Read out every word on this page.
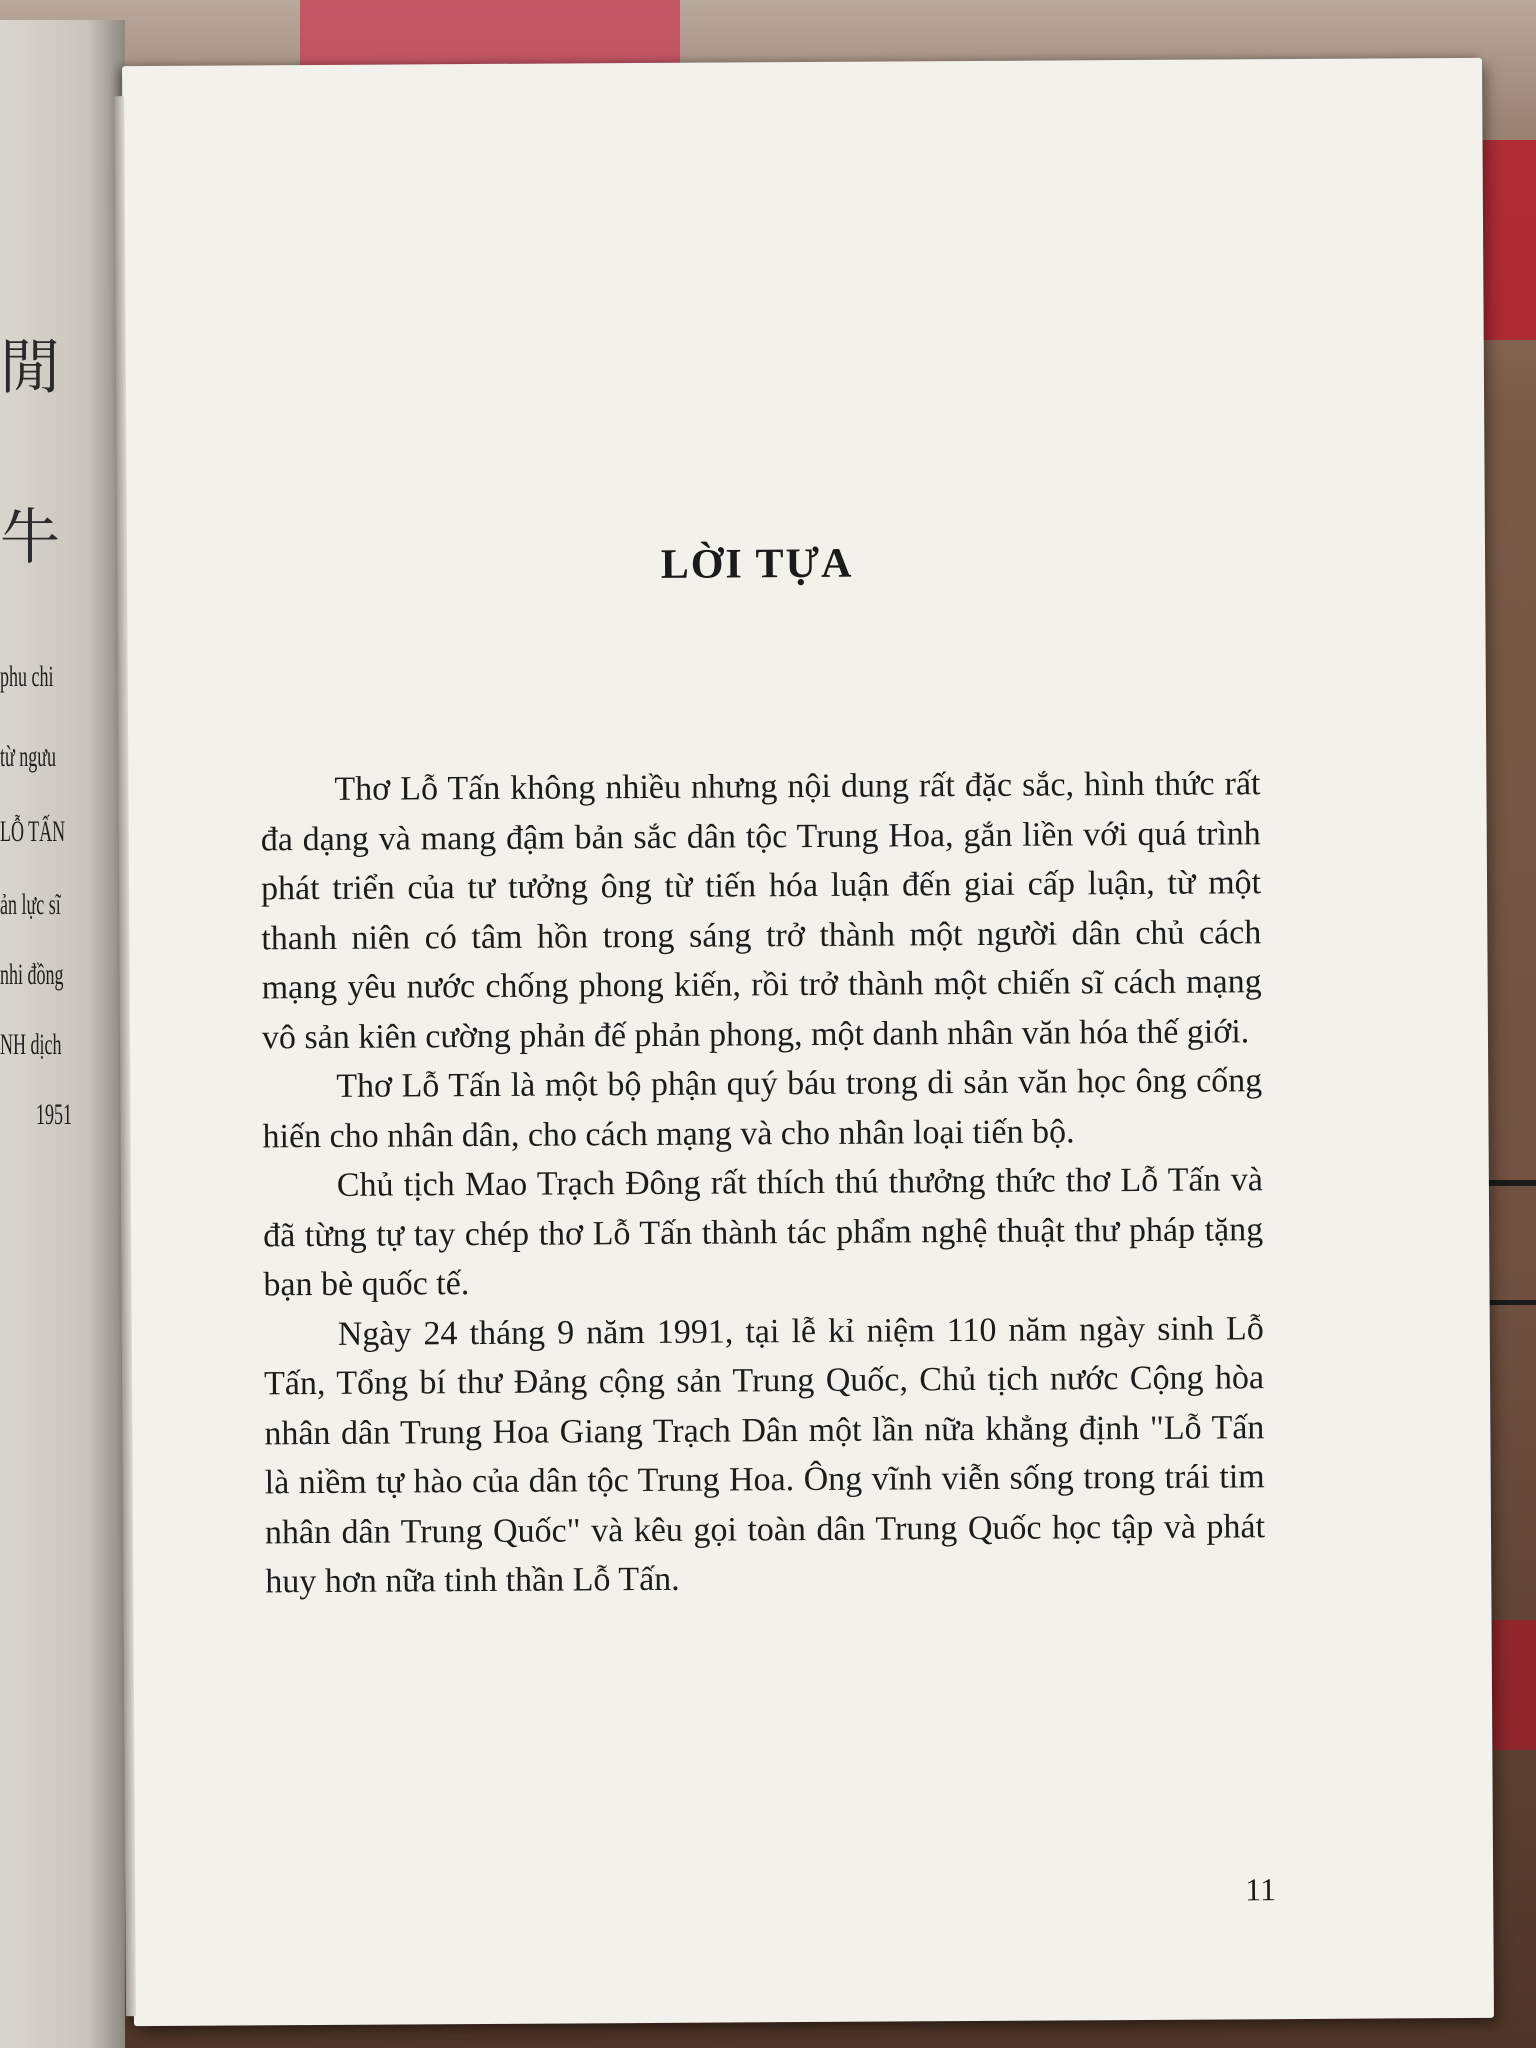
閒
牛
phu chi
từ ngưu
LỖ TẤN
ản lực sĩ
nhi đồng
NH dịch
1951
LỜI TỰA

Thơ Lỗ Tấn không nhiều nhưng nội dung rất đặc sắc, hình thức rất đa dạng và mang đậm bản sắc dân tộc Trung Hoa, gắn liền với quá trình phát triển của tư tưởng ông từ tiến hóa luận đến giai cấp luận, từ một thanh niên có tâm hồn trong sáng trở thành một người dân chủ cách mạng yêu nước chống phong kiến, rồi trở thành một chiến sĩ cách mạng vô sản kiên cường phản đế phản phong, một danh nhân văn hóa thế giới.

Thơ Lỗ Tấn là một bộ phận quý báu trong di sản văn học ông cống hiến cho nhân dân, cho cách mạng và cho nhân loại tiến bộ.

Chủ tịch Mao Trạch Đông rất thích thú thưởng thức thơ Lỗ Tấn và đã từng tự tay chép thơ Lỗ Tấn thành tác phẩm nghệ thuật thư pháp tặng bạn bè quốc tế.

Ngày 24 tháng 9 năm 1991, tại lễ kỉ niệm 110 năm ngày sinh Lỗ Tấn, Tổng bí thư Đảng cộng sản Trung Quốc, Chủ tịch nước Cộng hòa nhân dân Trung Hoa Giang Trạch Dân một lần nữa khẳng định "Lỗ Tấn là niềm tự hào của dân tộc Trung Hoa. Ông vĩnh viễn sống trong trái tim nhân dân Trung Quốc" và kêu gọi toàn dân Trung Quốc học tập và phát huy hơn nữa tinh thần Lỗ Tấn.

11
